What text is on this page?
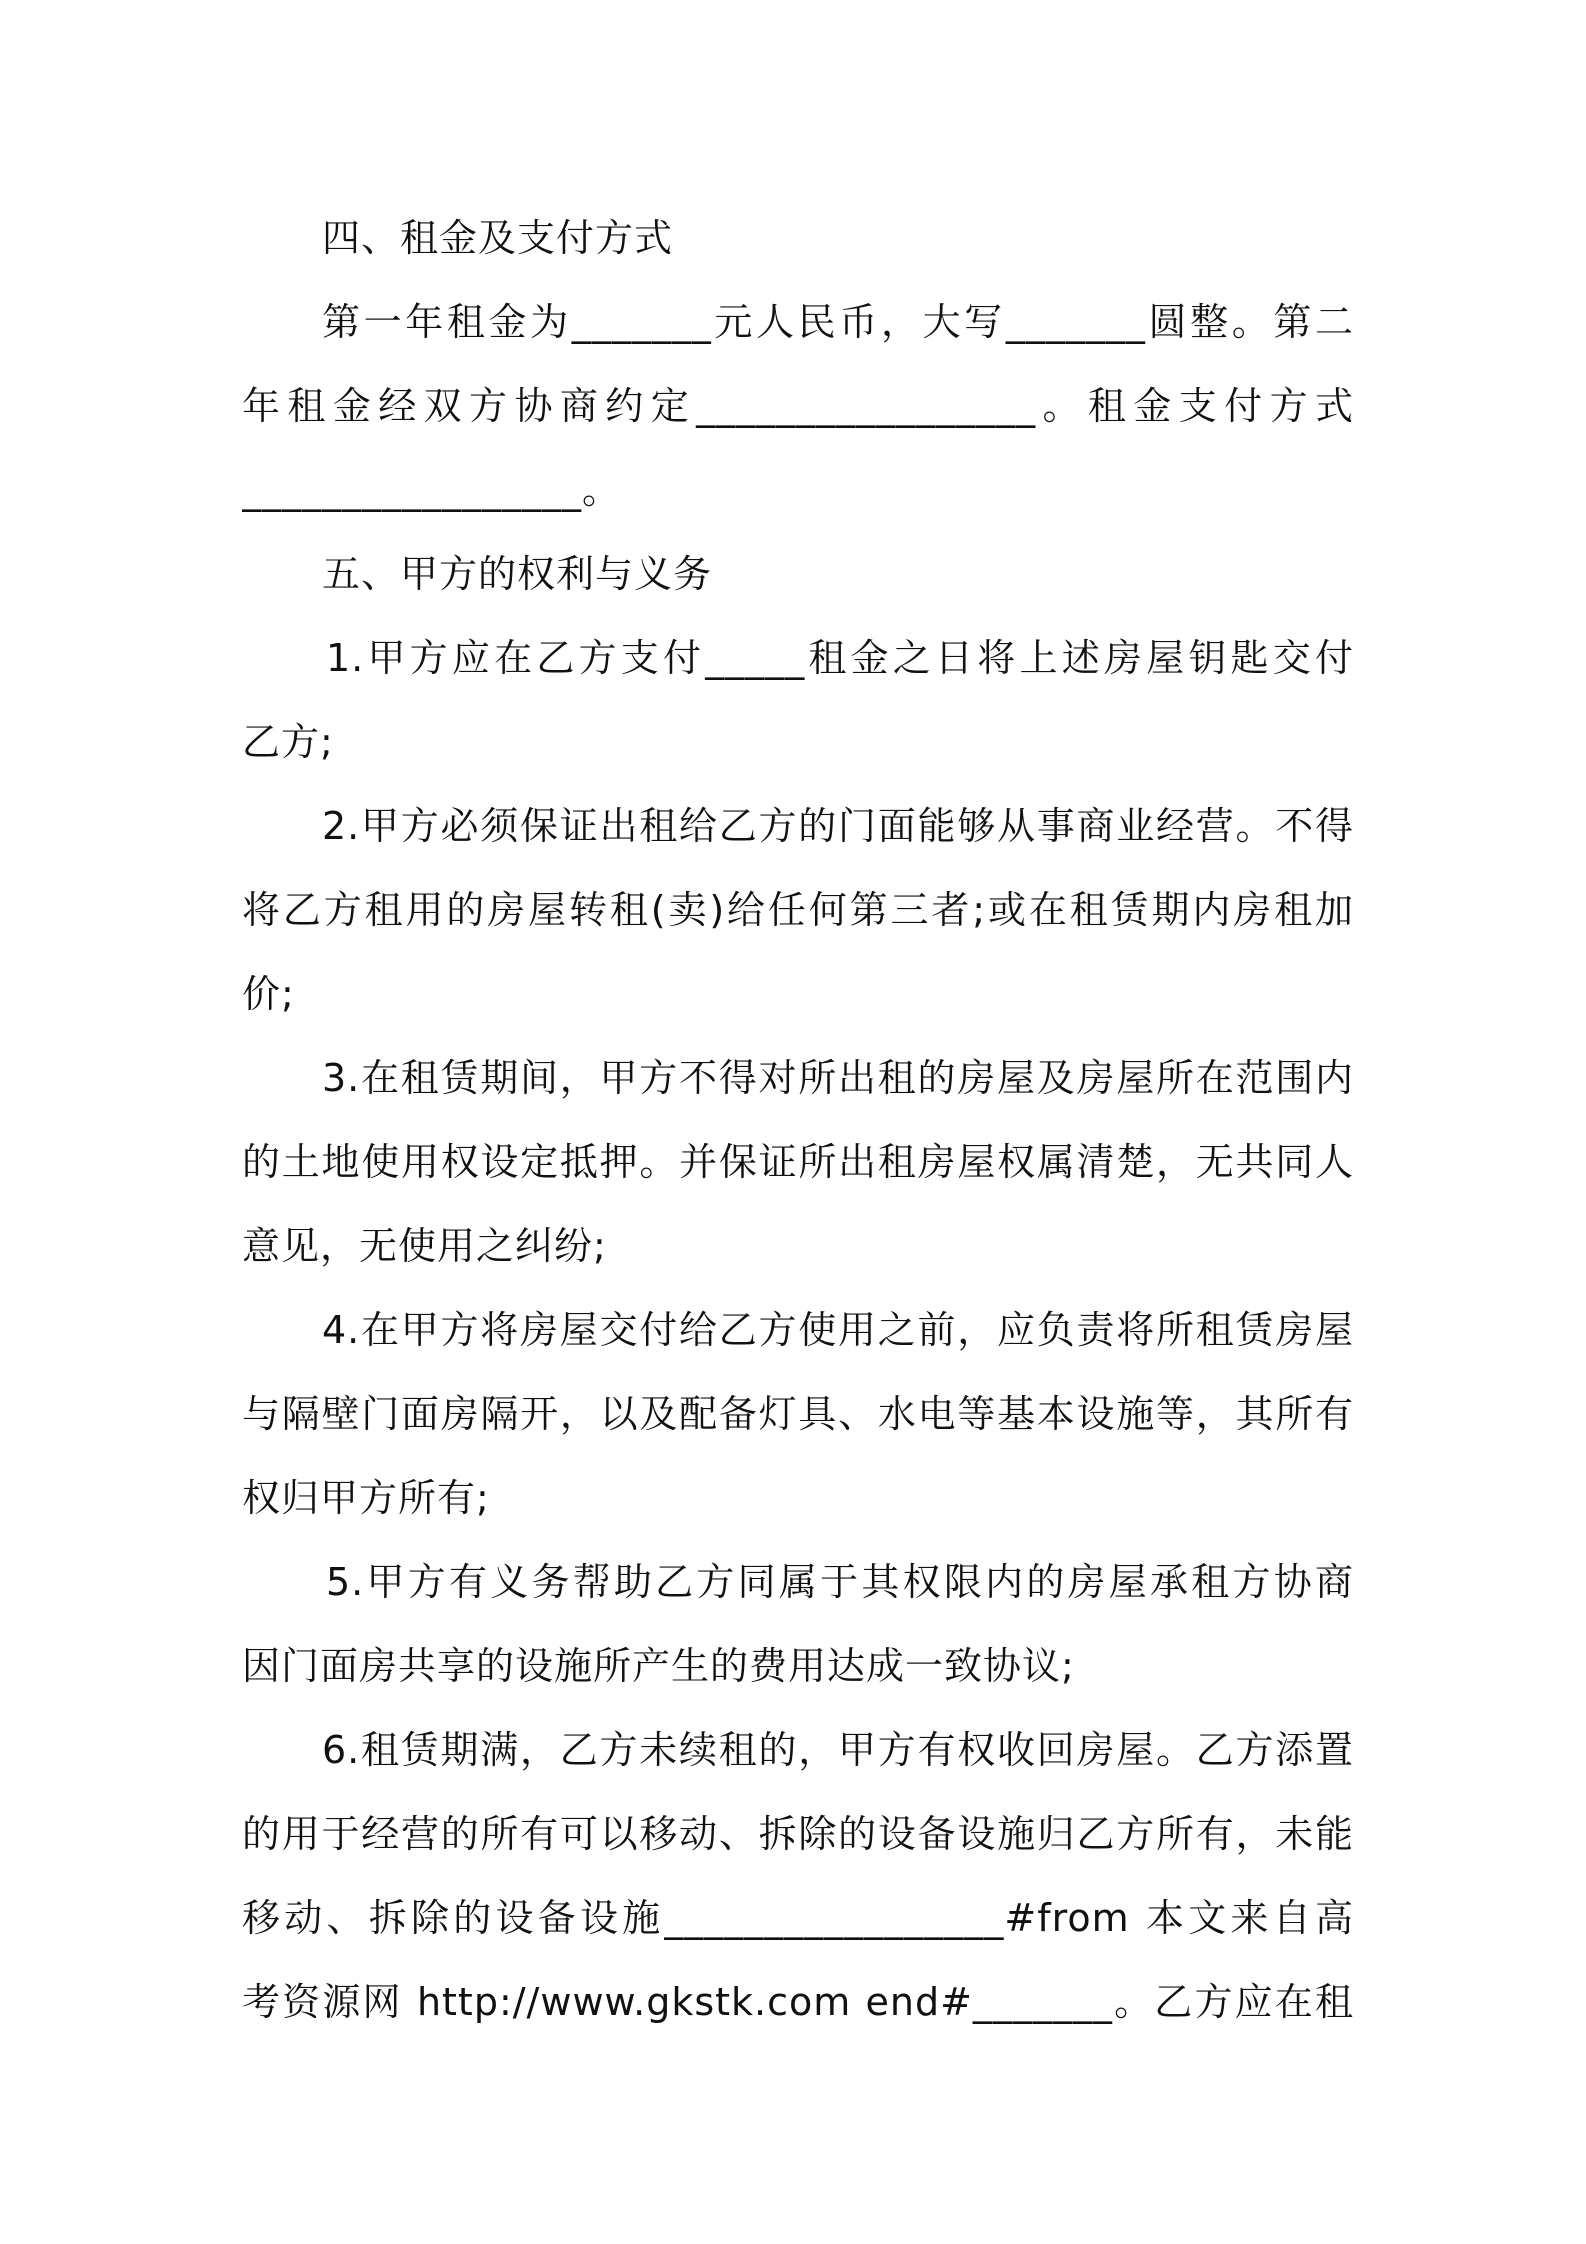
四、租金及支付方式
第一年租金为_______元人民币，大写_______圆整。第二
年租金经双方协商约定_________________。租金支付方式
_________________。
五、甲方的权利与义务
1.甲方应在乙方支付_____租金之日将上述房屋钥匙交付
乙方;
2.甲方必须保证出租给乙方的门面能够从事商业经营。不得
将乙方租用的房屋转租(卖)给任何第三者;或在租赁期内房租加
价;
3.在租赁期间，甲方不得对所出租的房屋及房屋所在范围内
的土地使用权设定抵押。并保证所出租房屋权属清楚，无共同人
意见，无使用之纠纷;
4.在甲方将房屋交付给乙方使用之前，应负责将所租赁房屋
与隔壁门面房隔开，以及配备灯具、水电等基本设施等，其所有
权归甲方所有;
5.甲方有义务帮助乙方同属于其权限内的房屋承租方协商
因门面房共享的设施所产生的费用达成一致协议;
6.租赁期满，乙方未续租的，甲方有权收回房屋。乙方添置
的用于经营的所有可以移动、拆除的设备设施归乙方所有，未能
移动、拆除的设备设施_________________#from 本文来自高
考资源网 http://www.gkstk.com end#_______。乙方应在租
